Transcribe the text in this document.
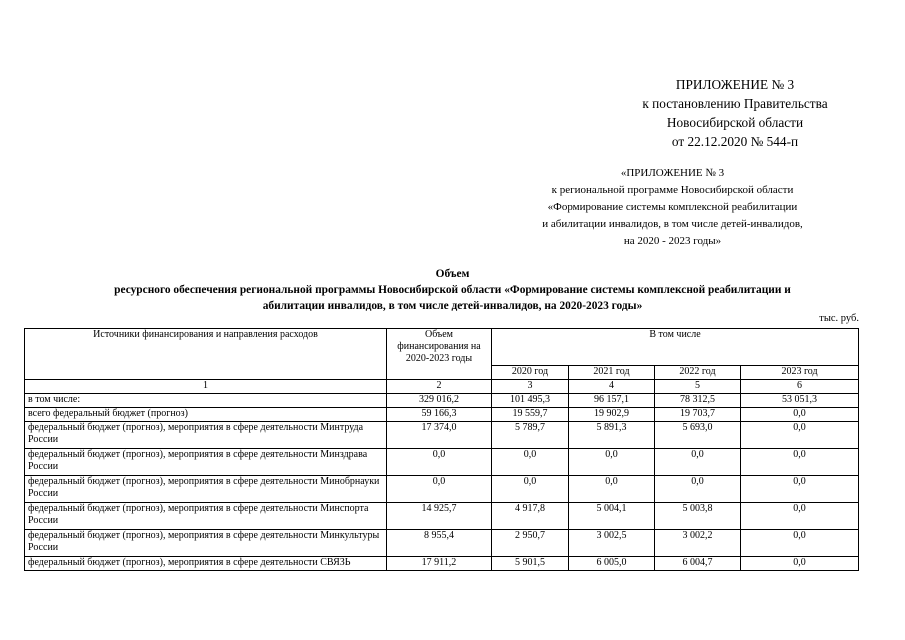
ПРИЛОЖЕНИЕ № 3
к постановлению Правительства
Новосибирской области
от 22.12.2020 № 544-п
«ПРИЛОЖЕНИЕ № 3
к региональной программе Новосибирской области
«Формирование системы комплексной реабилитации
и абилитации инвалидов, в том числе детей-инвалидов,
на 2020 - 2023 годы»
Объем
ресурсного обеспечения региональной программы Новосибирской области «Формирование системы комплексной реабилитации и
абилитации инвалидов, в том числе детей-инвалидов, на 2020-2023 годы»
тыс. руб.
Источники финансирования и направления расходов	Объем финансирования на 2020-2023 годы	В том числе			
		2020 год	2021 год	2022 год	2023 год
1	2	3	4	5	6
в том числе:	329 016,2	101 495,3	96 157,1	78 312,5	53 051,3
всего федеральный бюджет (прогноз)	59 166,3	19 559,7	19 902,9	19 703,7	0,0
федеральный бюджет (прогноз), мероприятия в сфере деятельности Минтруда России	17 374,0	5 789,7	5 891,3	5 693,0	0,0
федеральный бюджет (прогноз), мероприятия в сфере деятельности Минздрава России	0,0	0,0	0,0	0,0	0,0
федеральный бюджет (прогноз), мероприятия в сфере деятельности Минобрнауки России	0,0	0,0	0,0	0,0	0,0
федеральный бюджет (прогноз), мероприятия в сфере деятельности Минспорта России	14 925,7	4 917,8	5 004,1	5 003,8	0,0
федеральный бюджет (прогноз), мероприятия в сфере деятельности Минкультуры России	8 955,4	2 950,7	3 002,5	3 002,2	0,0
федеральный бюджет (прогноз), мероприятия в сфере деятельности СВЯЗЬ	17 911,2	5 901,5	6 005,0	6 004,7	0,0
